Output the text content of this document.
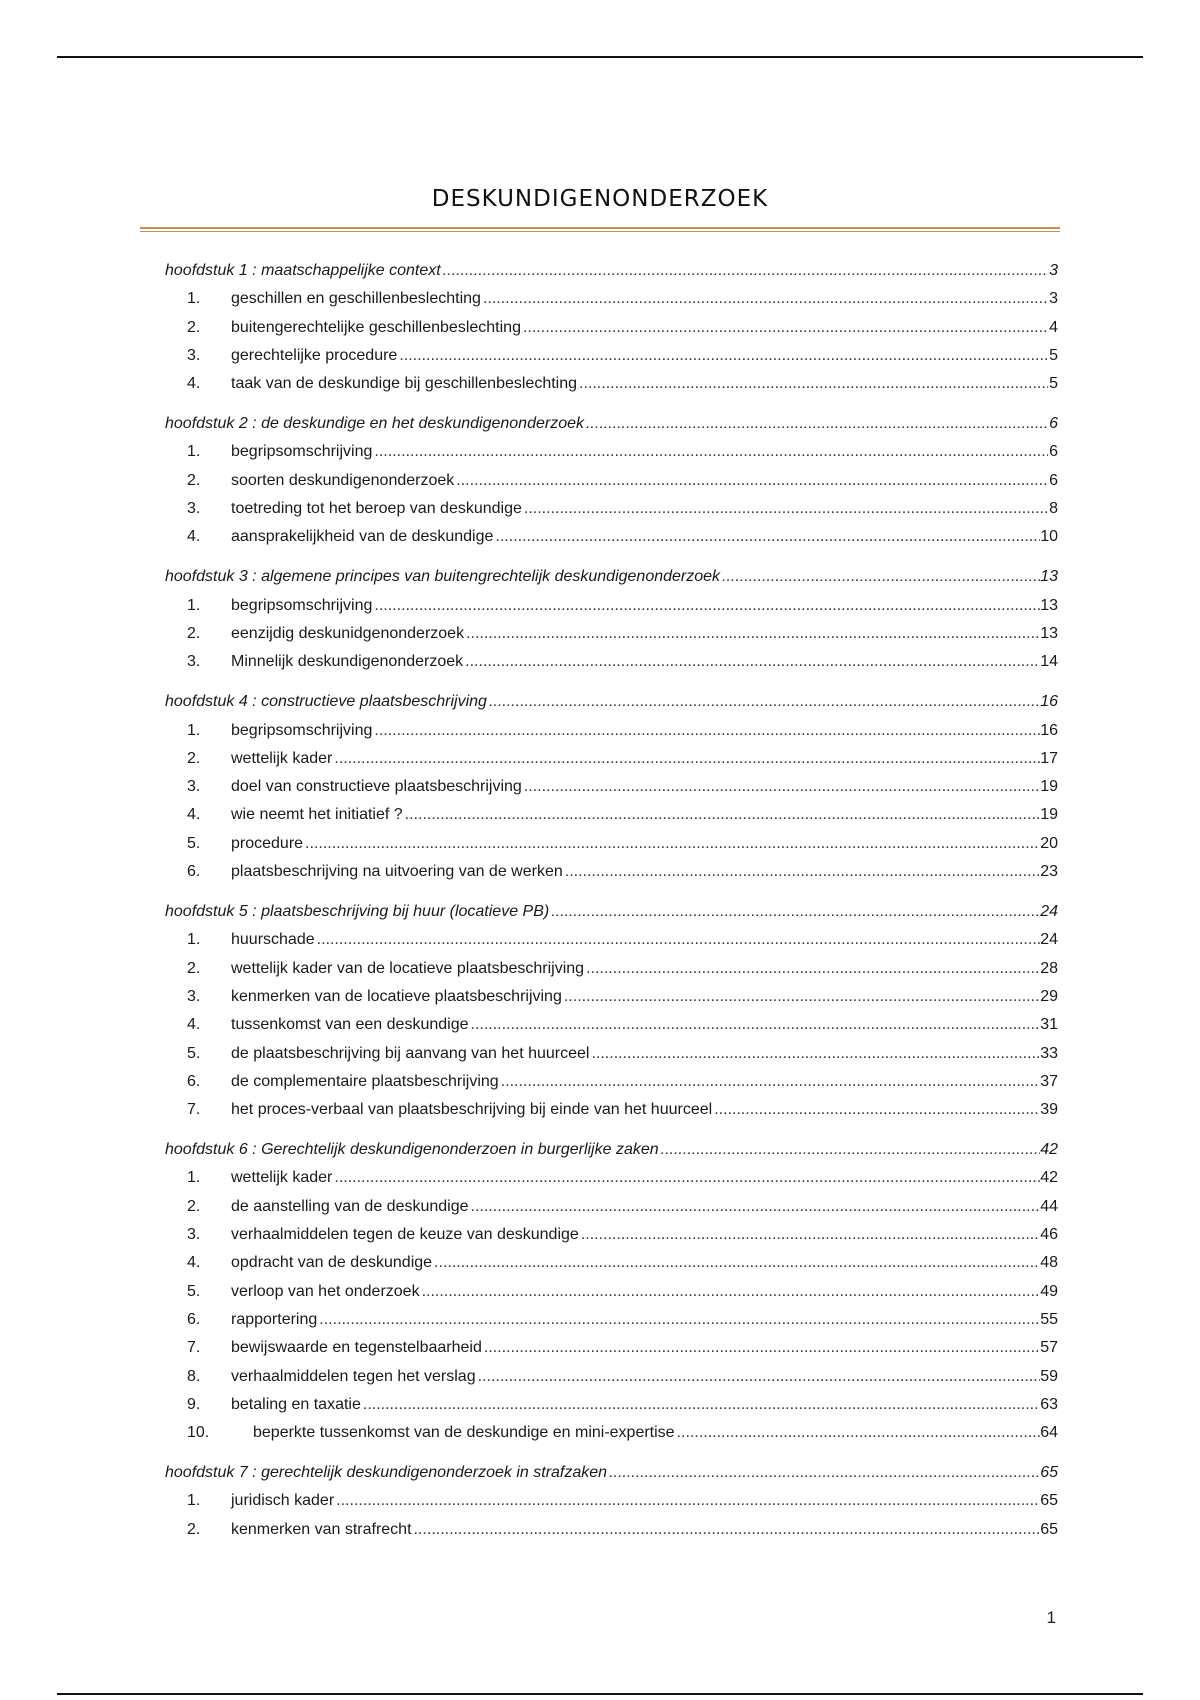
DESKUNDIGENONDERZOEK
hoofdstuk 1 : maatschappelijke context .....	3
1.	geschillen en geschillenbeslechting .....	3
2.	buitengerechtelijke geschillenbeslechting .....	4
3.	gerechtelijke procedure .....	5
4.	taak van de deskundige bij geschillenbeslechting .....	5
hoofdstuk 2 : de deskundige en het deskundigenonderzoek .....	6
1.	begripsomschrijving .....	6
2.	soorten deskundigenonderzoek .....	6
3.	toetreding tot het beroep van deskundige .....	8
4.	aansprakelijkheid van de deskundige .....	10
hoofdstuk 3 : algemene principes van buitengrechtelijk deskundigenonderzoek .....	13
1.	begripsomschrijving .....	13
2.	eenzijdig deskunidgenonderzoek .....	13
3.	Minnelijk deskundigenonderzoek .....	14
hoofdstuk 4 : constructieve plaatsbeschrijving .....	16
1.	begripsomschrijving .....	16
2.	wettelijk kader .....	17
3.	doel van constructieve plaatsbeschrijving .....	19
4.	wie neemt het initiatief ? .....	19
5.	procedure .....	20
6.	plaatsbeschrijving na uitvoering van de werken .....	23
hoofdstuk 5 : plaatsbeschrijving bij huur (locatieve PB) .....	24
1.	huurschade .....	24
2.	wettelijk kader van de locatieve plaatsbeschrijving .....	28
3.	kenmerken van de locatieve plaatsbeschrijving .....	29
4.	tussenkomst van een deskundige .....	31
5.	de plaatsbeschrijving bij aanvang van het huurceel .....	33
6.	de complementaire plaatsbeschrijving .....	37
7.	het proces-verbaal van plaatsbeschrijving bij einde van het huurceel .....	39
hoofdstuk 6 : Gerechtelijk deskundigenonderzoen in burgerlijke zaken .....	42
1.	wettelijk kader .....	42
2.	de aanstelling van de deskundige .....	44
3.	verhaalmiddelen tegen de keuze van deskundige .....	46
4.	opdracht van de deskundige .....	48
5.	verloop van het onderzoek .....	49
6.	rapportering .....	55
7.	bewijswaarde en tegenstelbaarheid .....	57
8.	verhaalmiddelen tegen het verslag .....	59
9.	betaling en taxatie .....	63
10.	beperkte tussenkomst van de deskundige en mini-expertise .....	64
hoofdstuk 7 : gerechtelijk deskundigenonderzoek in strafzaken .....	65
1.	juridisch kader .....	65
2.	kenmerken van strafrecht .....	65
1
